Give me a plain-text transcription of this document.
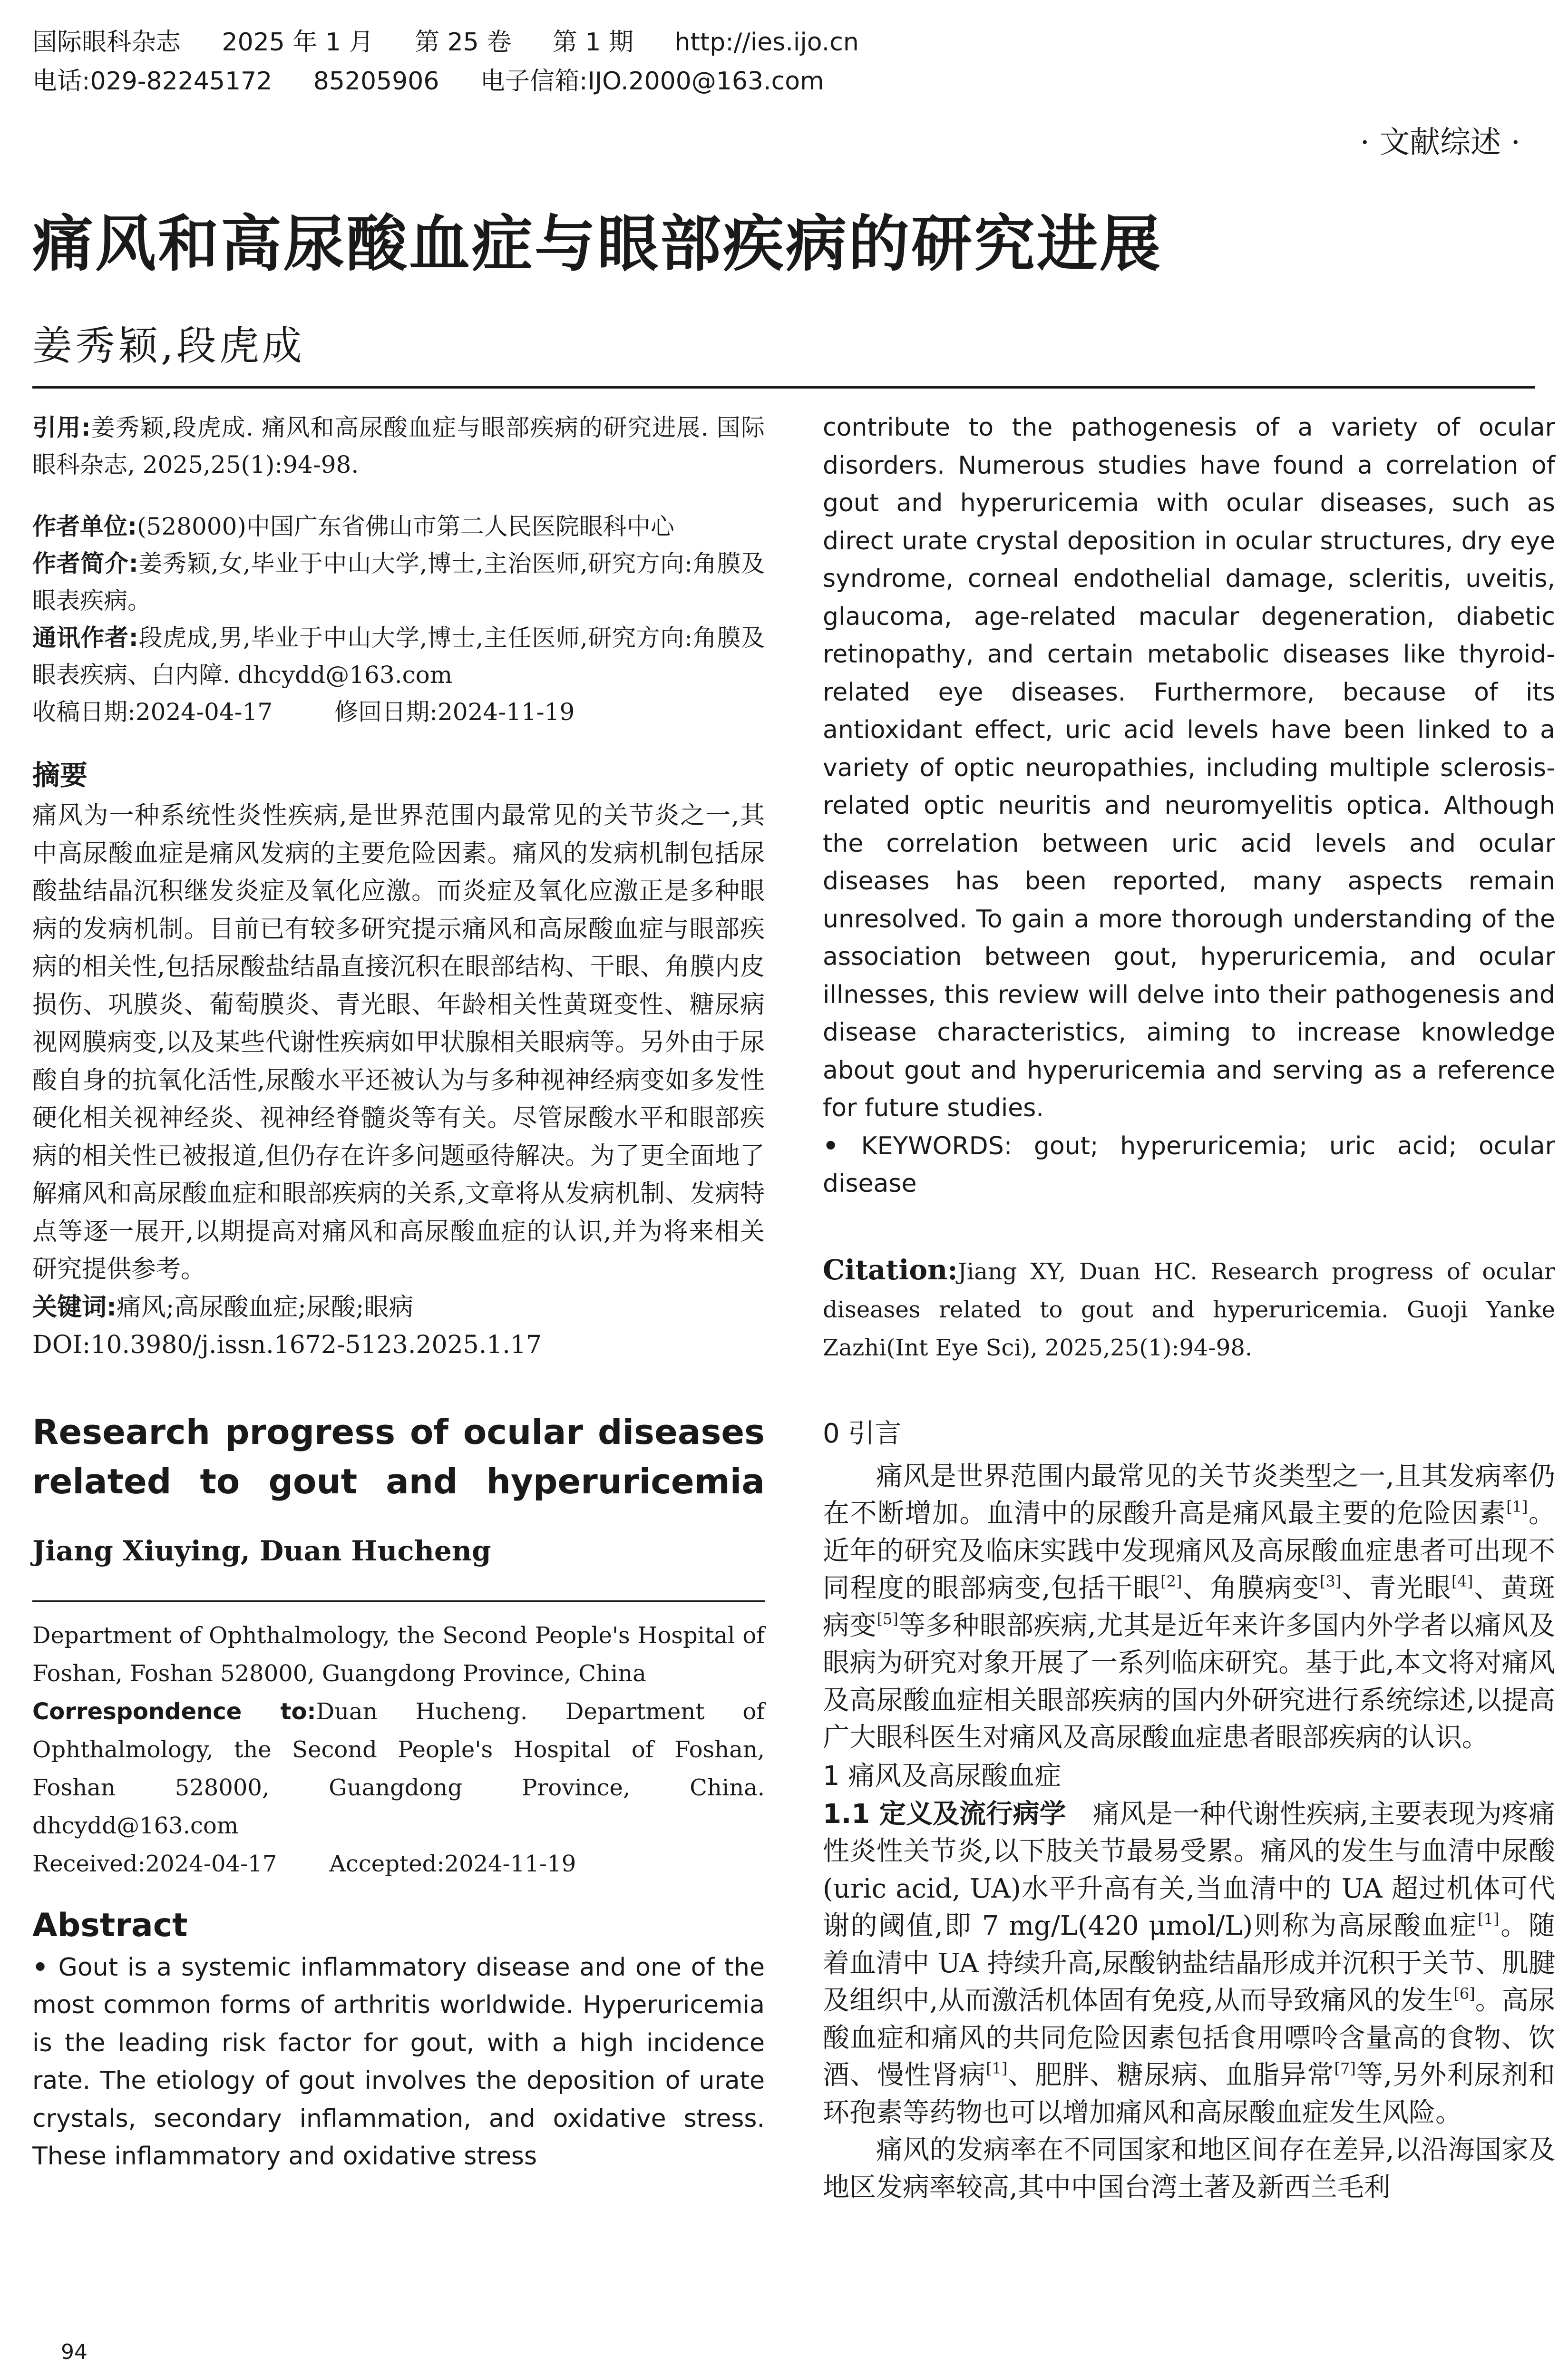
国际眼科杂志 2025 年 1 月 第 25 卷 第 1 期 http://ies.ijo.cn
电话:029-82245172 85205906 电子信箱:IJO.2000@163.com
· 文献综述 ·
痛风和高尿酸血症与眼部疾病的研究进展
姜秀颖,段虎成

引用:姜秀颖,段虎成. 痛风和高尿酸血症与眼部疾病的研究进展. 国际眼科杂志, 2025,25(1):94-98.

作者单位:(528000)中国广东省佛山市第二人民医院眼科中心

作者简介:姜秀颖,女,毕业于中山大学,博士,主治医师,研究方向:角膜及眼表疾病。

通讯作者:段虎成,男,毕业于中山大学,博士,主任医师,研究方向:角膜及眼表疾病、白内障. dhcydd@163.com

收稿日期:2024-04-17	修回日期:2024-11-19

摘要

痛风为一种系统性炎性疾病,是世界范围内最常见的关节炎之一,其中高尿酸血症是痛风发病的主要危险因素。痛风的发病机制包括尿酸盐结晶沉积继发炎症及氧化应激。而炎症及氧化应激正是多种眼病的发病机制。目前已有较多研究提示痛风和高尿酸血症与眼部疾病的相关性,包括尿酸盐结晶直接沉积在眼部结构、干眼、角膜内皮损伤、巩膜炎、葡萄膜炎、青光眼、年龄相关性黄斑变性、糖尿病视网膜病变,以及某些代谢性疾病如甲状腺相关眼病等。另外由于尿酸自身的抗氧化活性,尿酸水平还被认为与多种视神经病变如多发性硬化相关视神经炎、视神经脊髓炎等有关。尽管尿酸水平和眼部疾病的相关性已被报道,但仍存在许多问题亟待解决。为了更全面地了解痛风和高尿酸血症和眼部疾病的关系,文章将从发病机制、发病特点等逐一展开,以期提高对痛风和高尿酸血症的认识,并为将来相关研究提供参考。

关键词:痛风;高尿酸血症;尿酸;眼病

DOI:10.3980/j.issn.1672-5123.2025.1.17

Research progress of ocular diseases related to gout and hyperuricemia
Jiang Xiuying, Duan Hucheng

Department of Ophthalmology, the Second People's Hospital of Foshan, Foshan 528000, Guangdong Province, China

Correspondence to:Duan Hucheng. Department of Ophthalmology, the Second People's Hospital of Foshan, Foshan 528000, Guangdong Province, China. dhcydd@163.com

Received:2024-04-17 Accepted:2024-11-19

Abstract

• Gout is a systemic inflammatory disease and one of the most common forms of arthritis worldwide. Hyperuricemia is the leading risk factor for gout, with a high incidence rate. The etiology of gout involves the deposition of urate crystals, secondary inflammation, and oxidative stress. These inflammatory and oxidative stress

contribute to the pathogenesis of a variety of ocular disorders. Numerous studies have found a correlation of gout and hyperuricemia with ocular diseases, such as direct urate crystal deposition in ocular structures, dry eye syndrome, corneal endothelial damage, scleritis, uveitis, glaucoma, age-related macular degeneration, diabetic retinopathy, and certain metabolic diseases like thyroid-related eye diseases. Furthermore, because of its antioxidant effect, uric acid levels have been linked to a variety of optic neuropathies, including multiple sclerosis-related optic neuritis and neuromyelitis optica. Although the correlation between uric acid levels and ocular diseases has been reported, many aspects remain unresolved. To gain a more thorough understanding of the association between gout, hyperuricemia, and ocular illnesses, this review will delve into their pathogenesis and disease characteristics, aiming to increase knowledge about gout and hyperuricemia and serving as a reference for future studies.

• KEYWORDS: gout; hyperuricemia; uric acid; ocular disease

Citation:Jiang XY, Duan HC. Research progress of ocular diseases related to gout and hyperuricemia. Guoji Yanke Zazhi(Int Eye Sci), 2025,25(1):94-98.

0 引言

痛风是世界范围内最常见的关节炎类型之一,且其发病率仍在不断增加。血清中的尿酸升高是痛风最主要的危险因素[1]。近年的研究及临床实践中发现痛风及高尿酸血症患者可出现不同程度的眼部病变,包括干眼[2]、角膜病变[3]、青光眼[4]、黄斑病变[5]等多种眼部疾病,尤其是近年来许多国内外学者以痛风及眼病为研究对象开展了一系列临床研究。基于此,本文将对痛风及高尿酸血症相关眼部疾病的国内外研究进行系统综述,以提高广大眼科医生对痛风及高尿酸血症患者眼部疾病的认识。

1 痛风及高尿酸血症

1.1 定义及流行病学 痛风是一种代谢性疾病,主要表现为疼痛性炎性关节炎,以下肢关节最易受累。痛风的发生与血清中尿酸(uric acid, UA)水平升高有关,当血清中的 UA 超过机体可代谢的阈值,即 7 mg/L(420 μmol/L)则称为高尿酸血症[1]。随着血清中 UA 持续升高,尿酸钠盐结晶形成并沉积于关节、肌腱及组织中,从而激活机体固有免疫,从而导致痛风的发生[6]。高尿酸血症和痛风的共同危险因素包括食用嘌呤含量高的食物、饮酒、慢性肾病[1]、肥胖、糖尿病、血脂异常[7]等,另外利尿剂和环孢素等药物也可以增加痛风和高尿酸血症发生风险。

痛风的发病率在不同国家和地区间存在差异,以沿海国家及地区发病率较高,其中中国台湾土著及新西兰毛利

94
